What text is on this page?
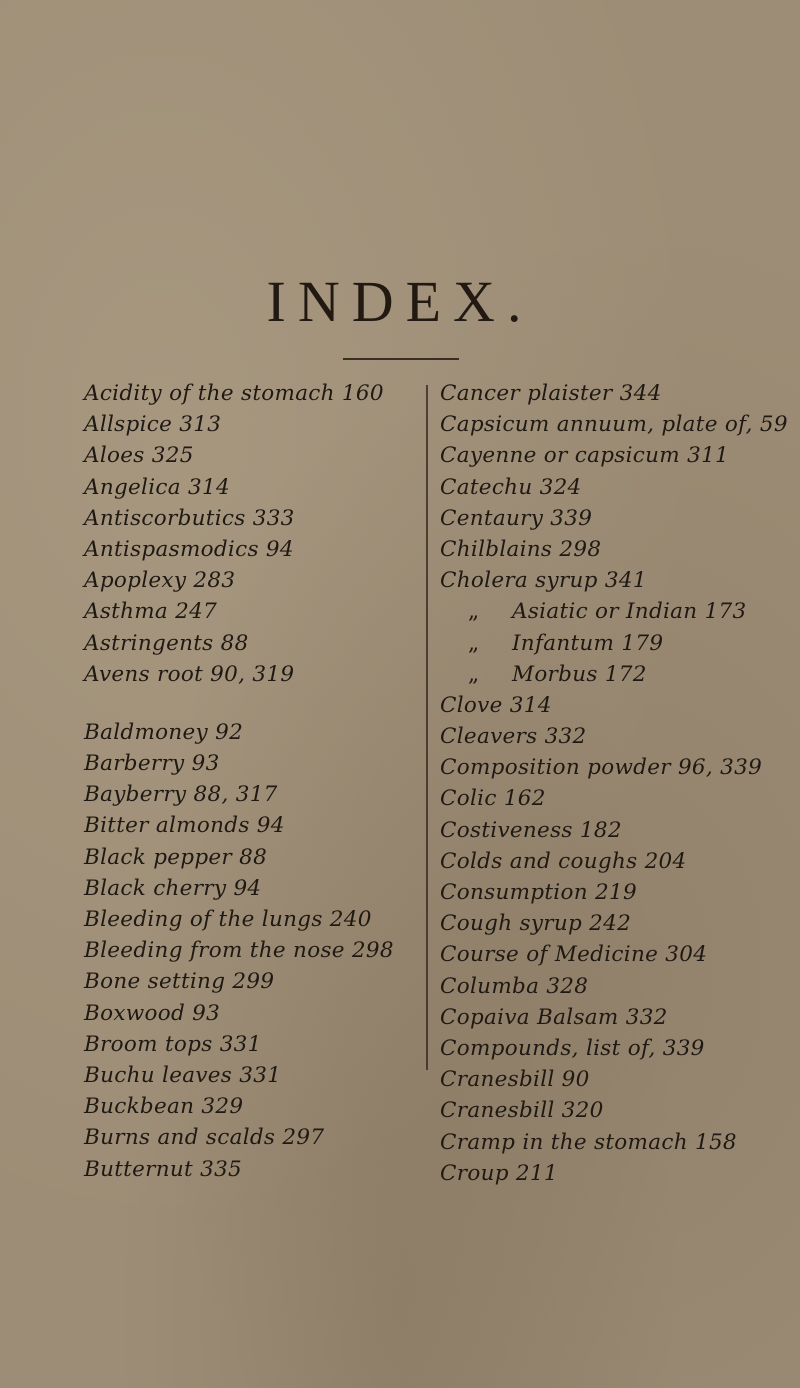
INDEX.
Acidity of the stomach 160
Allspice 313
Aloes 325
Angelica 314
Antiscorbutics 333
Antispasmodics 94
Apoplexy 283
Asthma 247
Astringents 88
Avens root 90, 319
Baldmoney 92
Barberry 93
Bayberry 88, 317
Bitter almonds 94
Black pepper 88
Black cherry 94
Bleeding of the lungs 240
Bleeding from the nose 298
Bone setting 299
Boxwood 93
Broom tops 331
Buchu leaves 331
Buckbean 329
Burns and scalds 297
Butternut 335
Cancer plaister 344
Capsicum annuum, plate of, 59
Cayenne or capsicum 311
Catechu 324
Centaury 339
Chilblains 298
Cholera syrup 341
„ Asiatic or Indian 173
„ Infantum 179
„ Morbus 172
Clove 314
Cleavers 332
Composition powder 96, 339
Colic 162
Costiveness 182
Colds and coughs 204
Consumption 219
Cough syrup 242
Course of Medicine 304
Columba 328
Copaiva Balsam 332
Compounds, list of, 339
Cranesbill 90
Cranesbill 320
Cramp in the stomach 158
Croup 211
